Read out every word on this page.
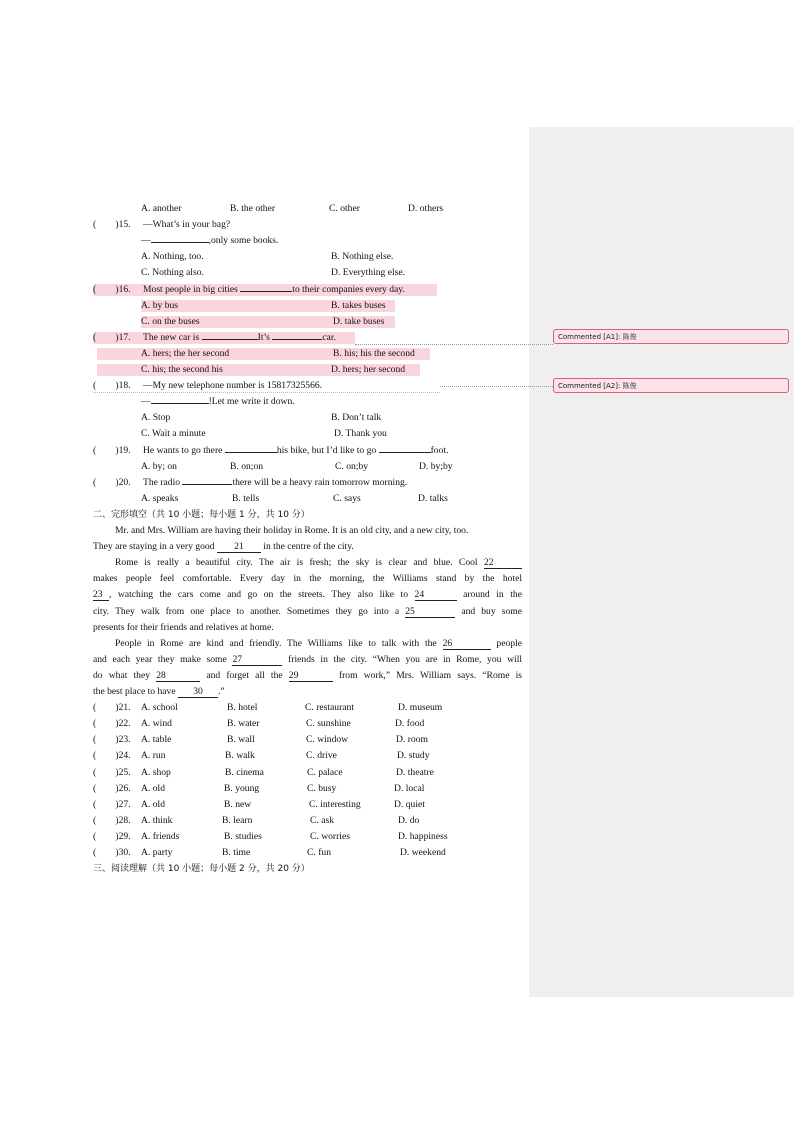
Commented [A1]: 陈俊
Commented [A2]: 陈俊
A. another	B. the other	C. other	D. others
(　　)15. —What’s in your bag?
—	,only some books.
A. Nothing, too.	B. Nothing else.
C. Nothing also.	D. Everything else.
(　　)16. Most people in big cities	to their companies every day.
A. by bus	B. takes buses
C. on the buses	D. take buses
(　　)17. The new car is	It’s	car.
A. hers; the her second	B. his; his the second
C. his; the second his	D. hers; her second
(　　)18. —My new telephone number is 15817325566.
—	!Let me write it down.
A. Stop	B. Don’t talk
C. Wait a minute	D. Thank you
(　　)19. He wants to go there	his bike, but I’d like to go	foot.
A. by; on	B. on;on	C. on;by	D. by;by
(　　)20. The radio	there will be a heavy rain tomorrow morning.
A. speaks	B. tells	C. says	D. talks
二、完形填空（共 10 小题；每小题 1 分，共 10 分）
Mr. and Mrs. William are having their holiday in Rome. It is an old city, and a new city, too.
They are staying in a very good 21 in the centre of the city.
Rome is really a beautiful city. The air is fresh; the sky is clear and blue. Cool 22
makes people feel comfortable. Every day in the morning, the Williams stand by the hotel
23 , watching the cars come and go on the streets. They also like to 24	around in the
city. They walk from one place to another. Sometimes they go into a 25	and buy some
presents for their friends and relatives at home.
People in Rome are kind and friendly. The Williams like to talk with the 26	people
and each year they make some 27	friends in the city. “When you are in Rome, you will
do what they 28	and forget all the 29	from work,” Mrs. William says. “Rome is
the best place to have 30 .”
(　　)21. A. school	B. hotel	C. restaurant	D. museum
(　　)22. A. wind	B. water	C. sunshine	D. food
(　　)23. A. table	B. wall	C. window	D. room
(　　)24. A. run	B. walk	C. drive	D. study
(　　)25. A. shop	B. cinema	C. palace	D. theatre
(　　)26. A. old	B. young	C. busy	D. local
(　　)27. A. old	B. new	C. interesting	D. quiet
(　　)28. A. think	B. learn	C. ask	D. do
(　　)29. A. friends	B. studies	C. worries	D. happiness
(　　)30. A. party	B. time	C. fun	D. weekend
三、阅读理解（共 10 小题；每小题 2 分，共 20 分）
